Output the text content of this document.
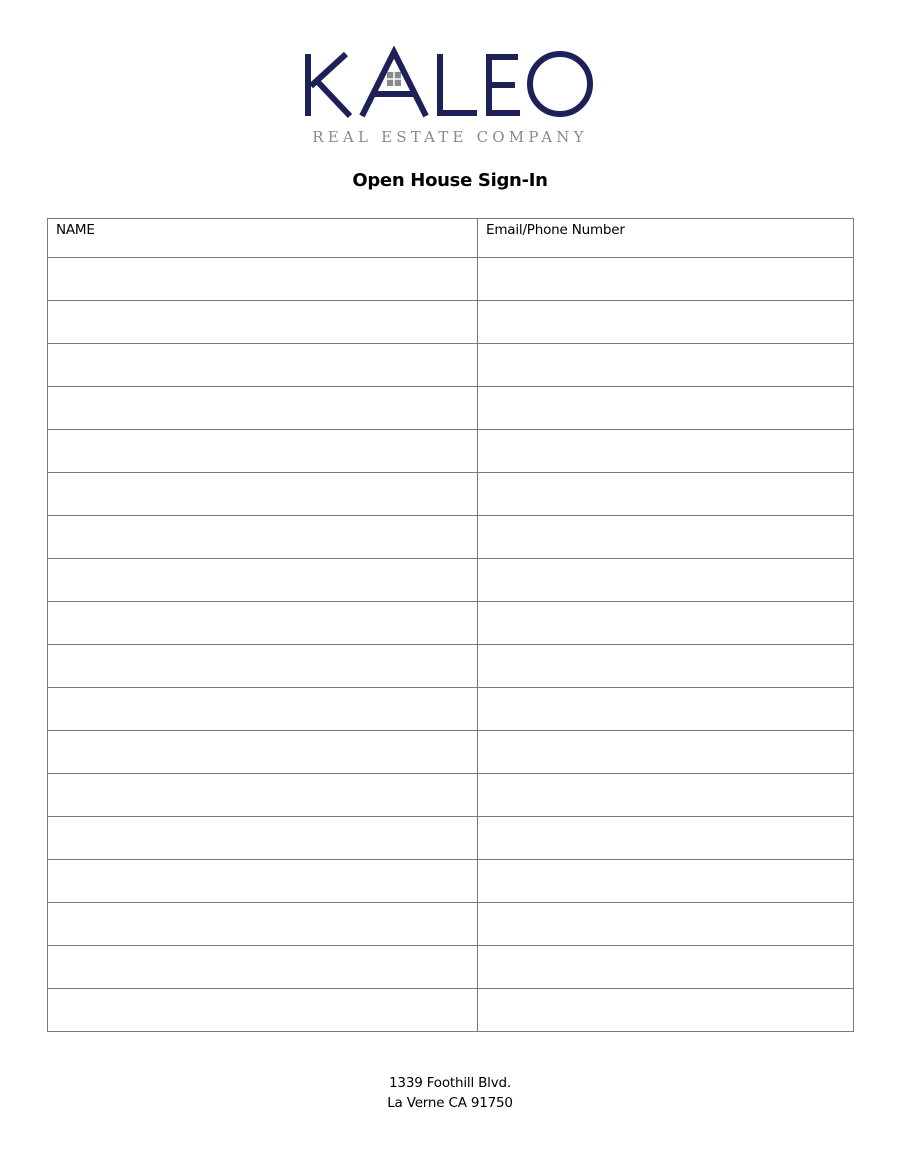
REAL ESTATE COMPANY
Open House Sign-In
NAME	Email/Phone Number

1339 Foothill Blvd.
La Verne CA 91750
